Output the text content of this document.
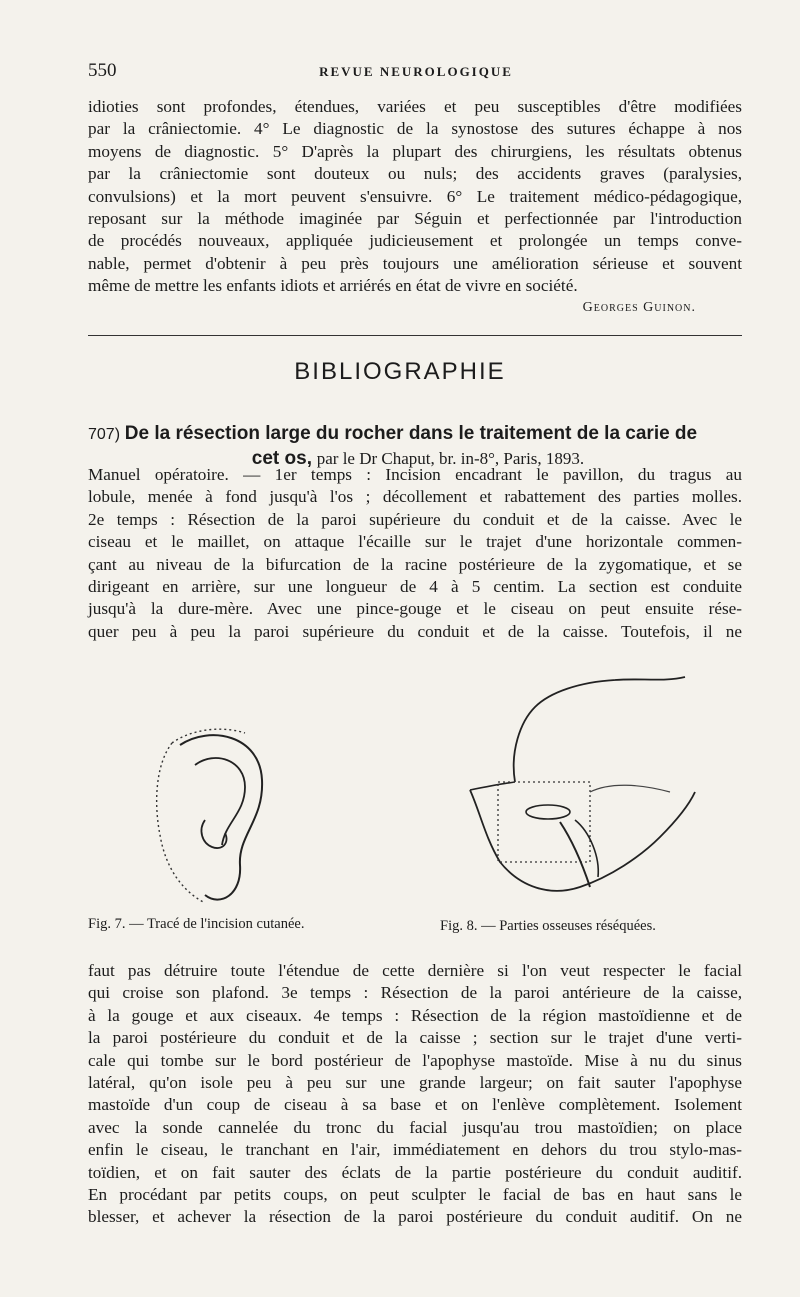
550	REVUE NEUROLOGIQUE

idioties sont profondes, étendues, variées et peu susceptibles d'être modifiées
par la crâniectomie. 4° Le diagnostic de la synostose des sutures échappe à nos
moyens de diagnostic. 5° D'après la plupart des chirurgiens, les résultats obtenus
par la crâniectomie sont douteux ou nuls; des accidents graves (paralysies,
convulsions) et la mort peuvent s'ensuivre. 6° Le traitement médico-pédagogique,
reposant sur la méthode imaginée par Séguin et perfectionnée par l'introduction
de procédés nouveaux, appliquée judicieusement et prolongée un temps conve-
nable, permet d'obtenir à peu près toujours une amélioration sérieuse et souvent
même de mettre les enfants idiots et arriérés en état de vivre en société.

Georges Guinon.
BIBLIOGRAPHIE
707) De la résection large du rocher dans le traitement de la carie de
cet os, par le Dr Chaput, br. in-8°, Paris, 1893.

Manuel opératoire. — 1er temps : Incision encadrant le pavillon, du tragus au
lobule, menée à fond jusqu'à l'os ; décollement et rabattement des parties molles.
2e temps : Résection de la paroi supérieure du conduit et de la caisse. Avec le
ciseau et le maillet, on attaque l'écaille sur le trajet d'une horizontale commen-
çant au niveau de la bifurcation de la racine postérieure de la zygomatique, et se
dirigeant en arrière, sur une longueur de 4 à 5 centim. La section est conduite
jusqu'à la dure-mère. Avec une pince-gouge et le ciseau on peut ensuite rése-
quer peu à peu la paroi supérieure du conduit et de la caisse. Toutefois, il ne

Fig. 7. — Tracé de l'incision cutanée.	Fig. 8. — Parties osseuses réséquées.

faut pas détruire toute l'étendue de cette dernière si l'on veut respecter le facial
qui croise son plafond. 3e temps : Résection de la paroi antérieure de la caisse,
à la gouge et aux ciseaux. 4e temps : Résection de la région mastoïdienne et de
la paroi postérieure du conduit et de la caisse ; section sur le trajet d'une verti-
cale qui tombe sur le bord postérieur de l'apophyse mastoïde. Mise à nu du sinus
latéral, qu'on isole peu à peu sur une grande largeur; on fait sauter l'apophyse
mastoïde d'un coup de ciseau à sa base et on l'enlève complètement. Isolement
avec la sonde cannelée du tronc du facial jusqu'au trou mastoïdien; on place
enfin le ciseau, le tranchant en l'air, immédiatement en dehors du trou stylo-mas-
toïdien, et on fait sauter des éclats de la partie postérieure du conduit auditif.
En procédant par petits coups, on peut sculpter le facial de bas en haut sans le
blesser, et achever la résection de la paroi postérieure du conduit auditif. On ne
